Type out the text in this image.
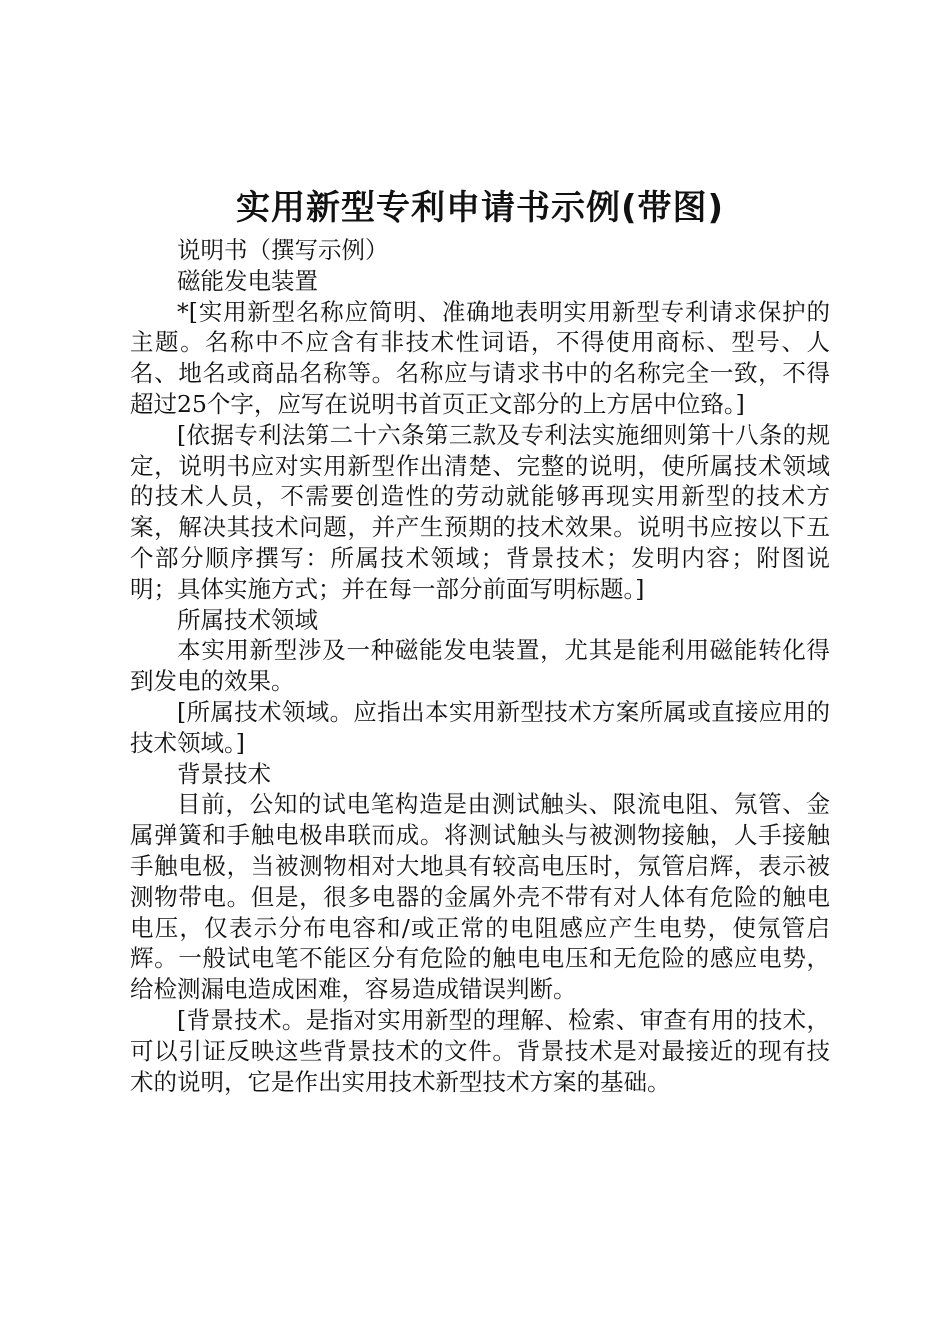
实用新型专利申请书示例(带图)

说明书（撰写示例）

磁能发电装置

*[实用新型名称应简明、准确地表明实用新型专利请求保护的主题。名称中不应含有非技术性词语，不得使用商标、型号、人名、地名或商品名称等。名称应与请求书中的名称完全一致，不得超过25个字，应写在说明书首页正文部分的上方居中位臵。]

[依据专利法第二十六条第三款及专利法实施细则第十八条的规定，说明书应对实用新型作出清楚、完整的说明，使所属技术领域的技术人员，不需要创造性的劳动就能够再现实用新型的技术方案，解决其技术问题，并产生预期的技术效果。说明书应按以下五个部分顺序撰写：所属技术领域；背景技术；发明内容；附图说明；具体实施方式；并在每一部分前面写明标题。]

所属技术领域

本实用新型涉及一种磁能发电装置，尤其是能利用磁能转化得到发电的效果。

[所属技术领域。应指出本实用新型技术方案所属或直接应用的技术领域。]

背景技术

目前，公知的试电笔构造是由测试触头、限流电阻、氖管、金属弹簧和手触电极串联而成。将测试触头与被测物接触，人手接触手触电极，当被测物相对大地具有较高电压时，氖管启辉，表示被测物带电。但是，很多电器的金属外壳不带有对人体有危险的触电电压，仅表示分布电容和/或正常的电阻感应产生电势，使氖管启辉。一般试电笔不能区分有危险的触电电压和无危险的感应电势，给检测漏电造成困难，容易造成错误判断。

[背景技术。是指对实用新型的理解、检索、审查有用的技术，可以引证反映这些背景技术的文件。背景技术是对最接近的现有技术的说明，它是作出实用技术新型技术方案的基础。
